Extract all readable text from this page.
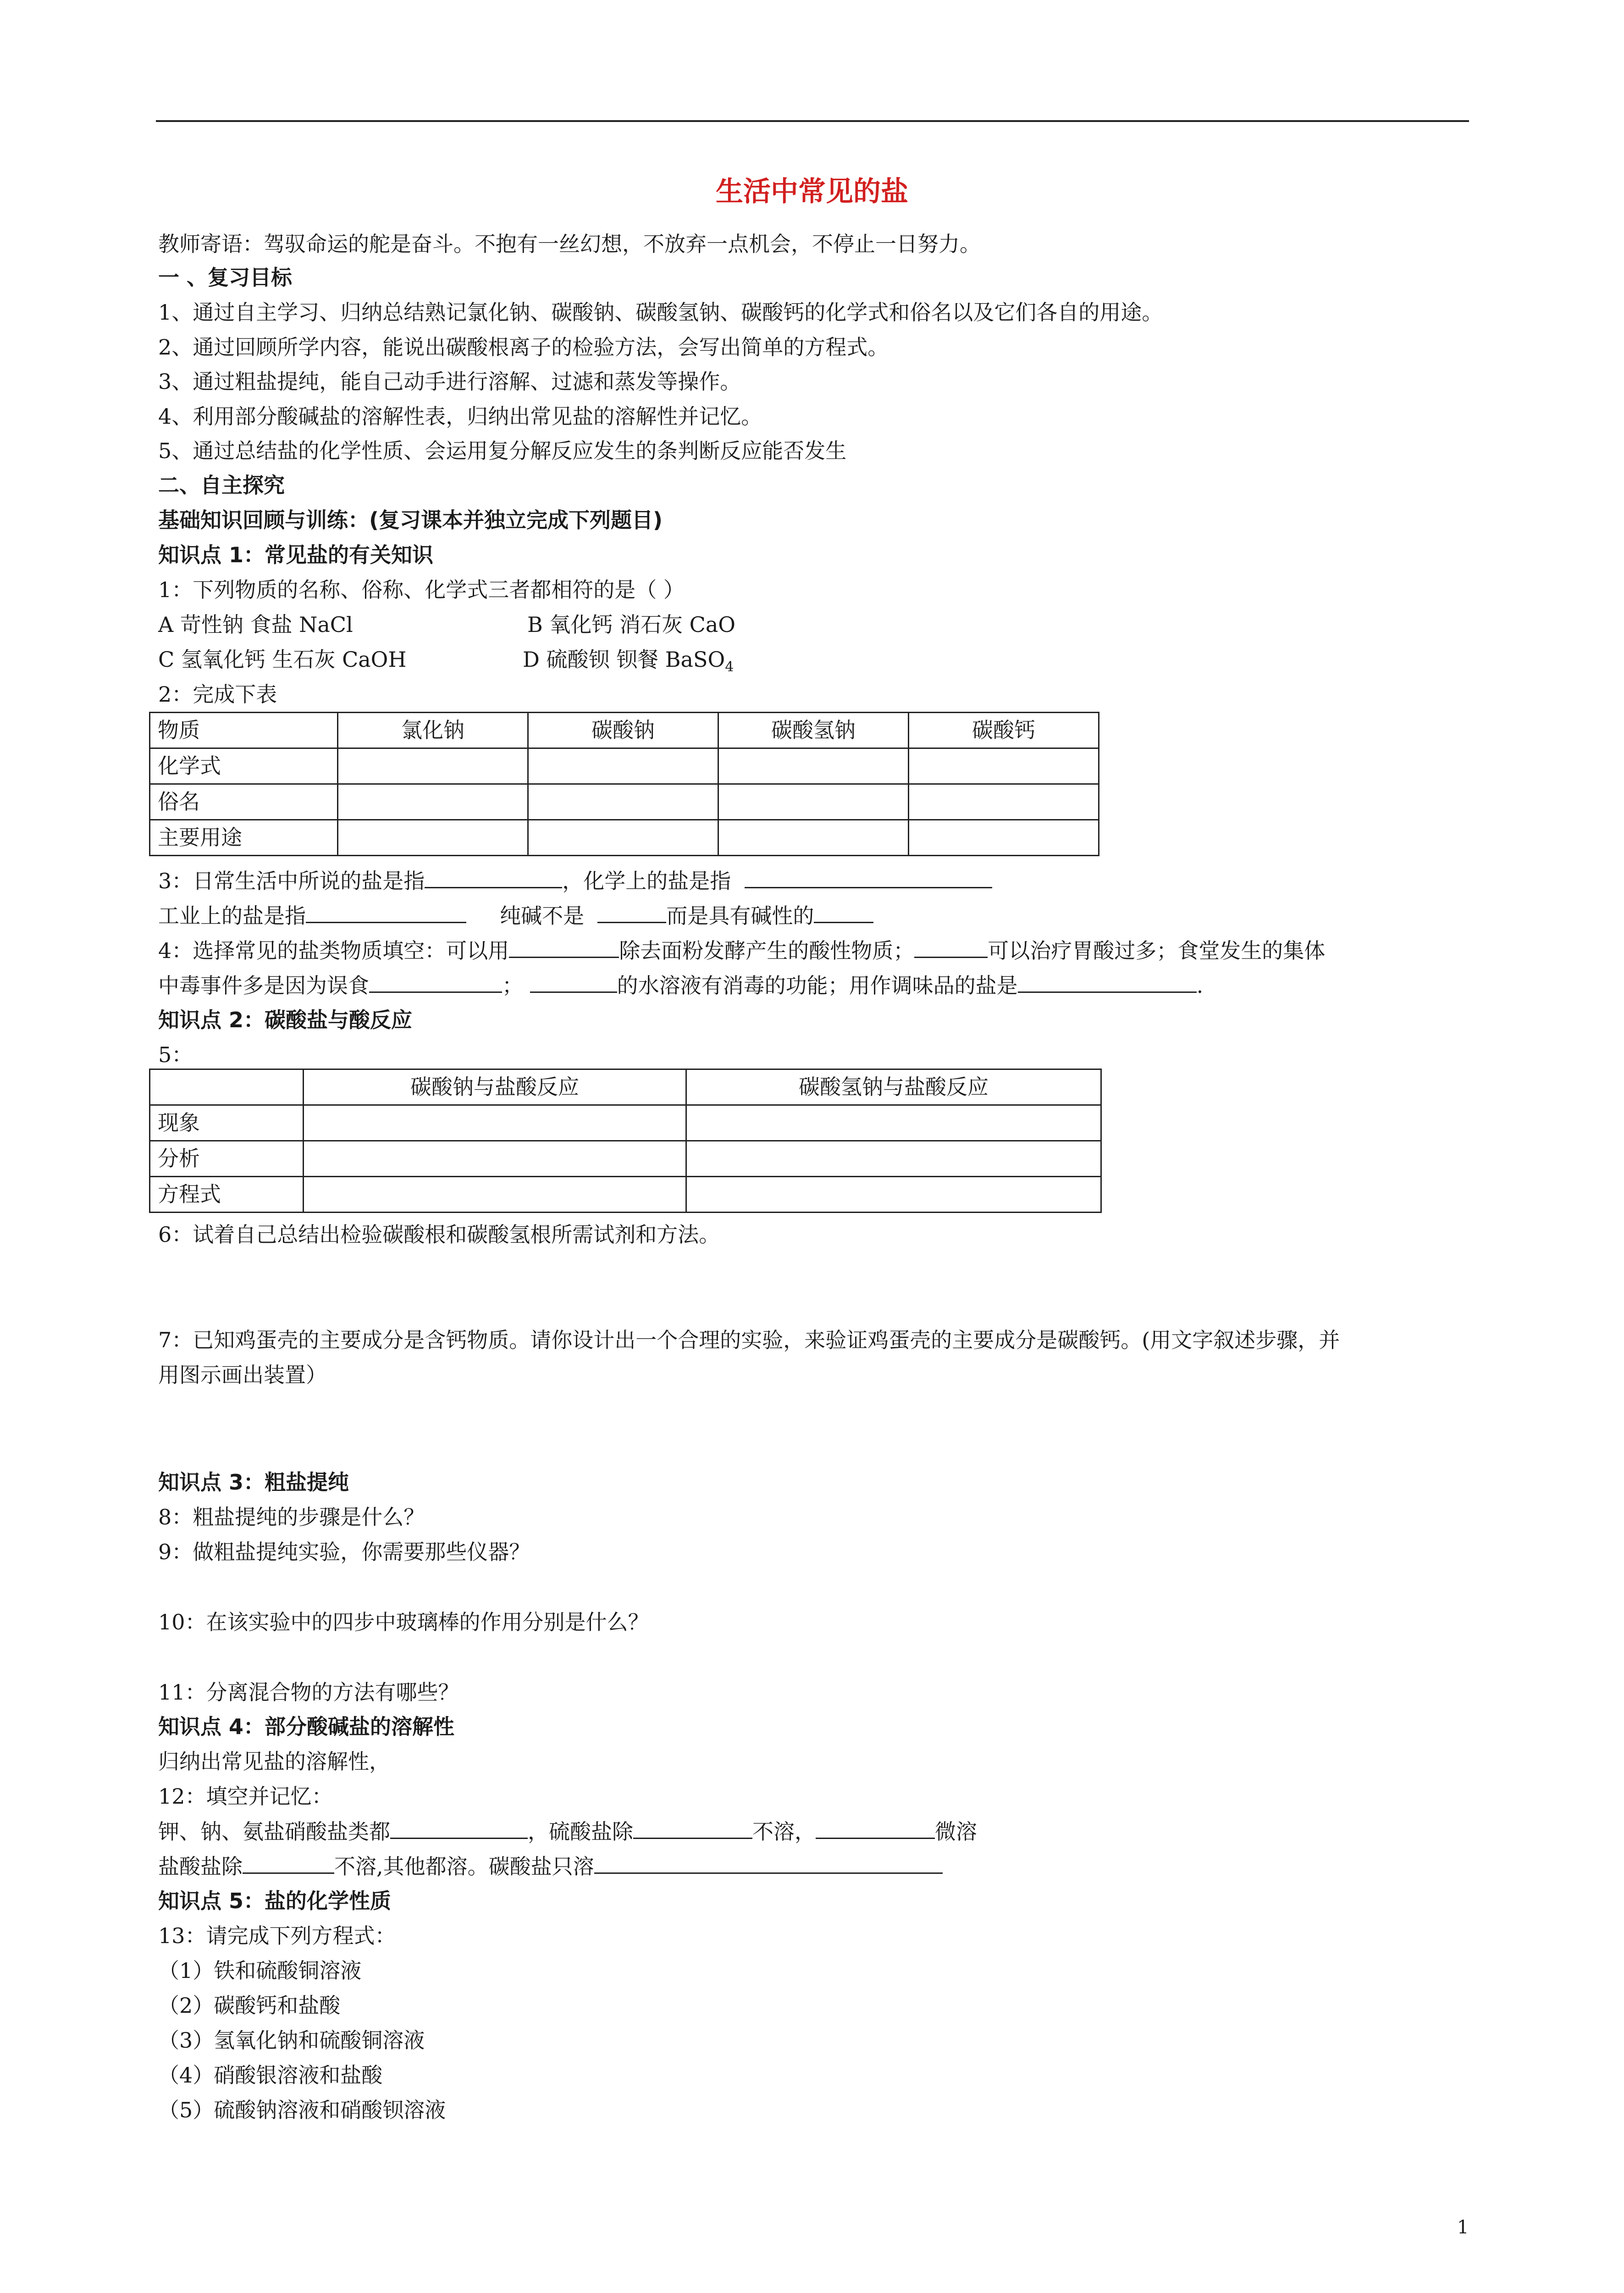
生活中常见的盐
教师寄语：驾驭命运的舵是奋斗。不抱有一丝幻想，不放弃一点机会，不停止一日努力。
一 、复习目标
1、通过自主学习、归纳总结熟记氯化钠、碳酸钠、碳酸氢钠、碳酸钙的化学式和俗名以及它们各自的用途。
2、通过回顾所学内容，能说出碳酸根离子的检验方法，会写出简单的方程式。
3、通过粗盐提纯，能自己动手进行溶解、过滤和蒸发等操作。
4、利用部分酸碱盐的溶解性表，归纳出常见盐的溶解性并记忆。
5、通过总结盐的化学性质、会运用复分解反应发生的条判断反应能否发生
二、自主探究
基础知识回顾与训练：(复习课本并独立完成下列题目)
知识点 1：常见盐的有关知识
1：下列物质的名称、俗称、化学式三者都相符的是（ ）
A 苛性钠 食盐 NaCl	B 氧化钙 消石灰 CaO
C 氢氧化钙 生石灰 CaOH	D 硫酸钡 钡餐 BaSO$_4$
2：完成下表
物质	氯化钠	碳酸钠	碳酸氢钠	碳酸钙
化学式				
俗名				
主要用途				
3：日常生活中所说的盐是指	，化学上的盐是指
工业上的盐是指	纯碱不是	而是具有碱性的
4：选择常见的盐类物质填空：可以用	除去面粉发酵产生的酸性物质；	可以治疗胃酸过多；食堂发生的集体
中毒事件多是因为误食	；	的水溶液有消毒的功能；用作调味品的盐是	.
知识点 2：碳酸盐与酸反应
5：
	碳酸钠与盐酸反应	碳酸氢钠与盐酸反应
现象		
分析		
方程式		
6：试着自己总结出检验碳酸根和碳酸氢根所需试剂和方法。
7：已知鸡蛋壳的主要成分是含钙物质。请你设计出一个合理的实验，来验证鸡蛋壳的主要成分是碳酸钙。(用文字叙述步骤，并
用图示画出装置）
知识点 3：粗盐提纯
8：粗盐提纯的步骤是什么？
9：做粗盐提纯实验，你需要那些仪器？
10：在该实验中的四步中玻璃棒的作用分别是什么？
11：分离混合物的方法有哪些？
知识点 4：部分酸碱盐的溶解性
归纳出常见盐的溶解性，
12：填空并记忆：
钾、钠、氨盐硝酸盐类都	，硫酸盐除	不溶，	微溶
盐酸盐除	不溶,其他都溶。碳酸盐只溶
知识点 5：盐的化学性质
13：请完成下列方程式：
（1）铁和硫酸铜溶液
（2）碳酸钙和盐酸
（3）氢氧化钠和硫酸铜溶液
（4）硝酸银溶液和盐酸
（5）硫酸钠溶液和硝酸钡溶液
1
